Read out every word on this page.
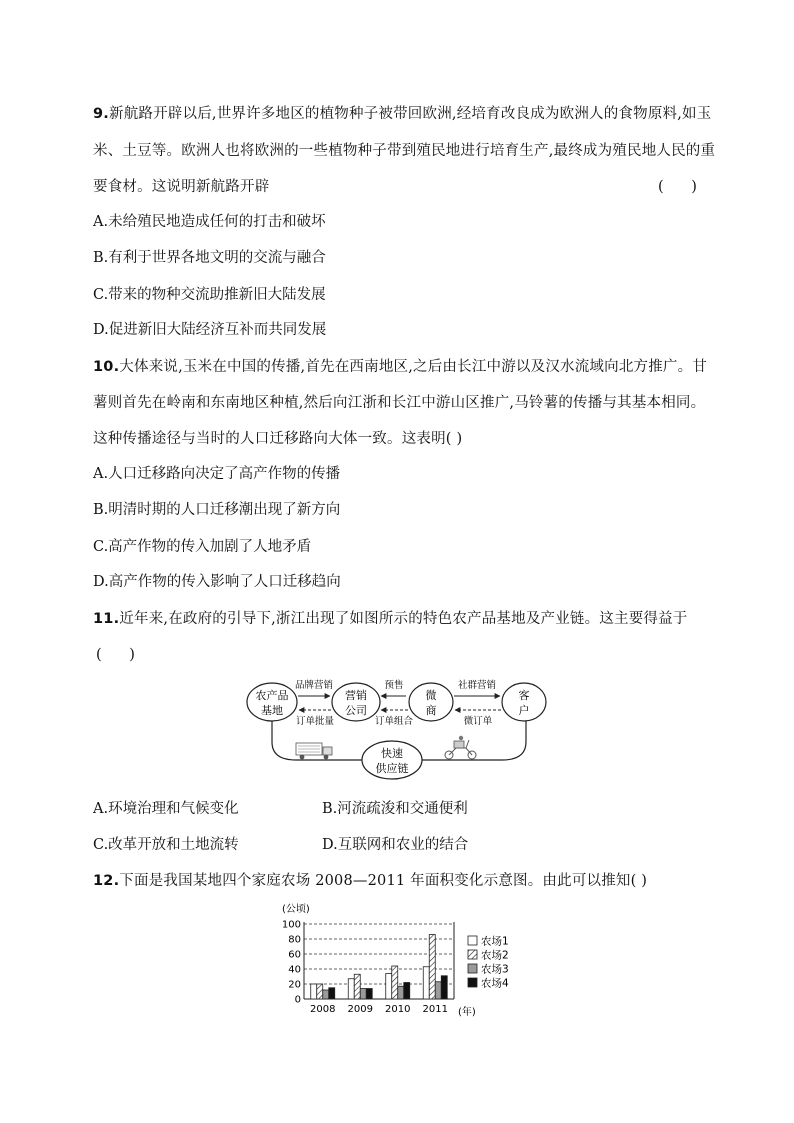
9.新航路开辟以后,世界许多地区的植物种子被带回欧洲,经培育改良成为欧洲人的食物原料,如玉
米、土豆等。欧洲人也将欧洲的一些植物种子带到殖民地进行培育生产,最终成为殖民地人民的重
要食材。这说明新航路开辟	(      )
A.未给殖民地造成任何的打击和破坏
B.有利于世界各地文明的交流与融合
C.带来的物种交流助推新旧大陆发展
D.促进新旧大陆经济互补而共同发展
10.大体来说,玉米在中国的传播,首先在西南地区,之后由长江中游以及汉水流域向北方推广。甘
薯则首先在岭南和东南地区种植,然后向江浙和长江中游山区推广,马铃薯的传播与其基本相同。
这种传播途径与当时的人口迁移路向大体一致。这表明( )
A.人口迁移路向决定了高产作物的传播
B.明清时期的人口迁移潮出现了新方向
C.高产作物的传入加剧了人地矛盾
D.高产作物的传入影响了人口迁移趋向
11.近年来,在政府的引导下,浙江出现了如图所示的特色农产品基地及产业链。这主要得益于
(      )
农产品
基地
营销
公司
微
商
客
户
快速
供应链
品牌营销	预售	社群营销
订单批量	订单组合	微订单
A.环境治理和气候变化	B.河流疏浚和交通便利
C.改革开放和土地流转	D.互联网和农业的结合
12.下面是我国某地四个家庭农场 2008—2011 年面积变化示意图。由此可以推知( )
(公顷)
0
20
40
60
80
100
2008 2009 2010 2011 (年)
农场1
农场2
农场3
农场4
